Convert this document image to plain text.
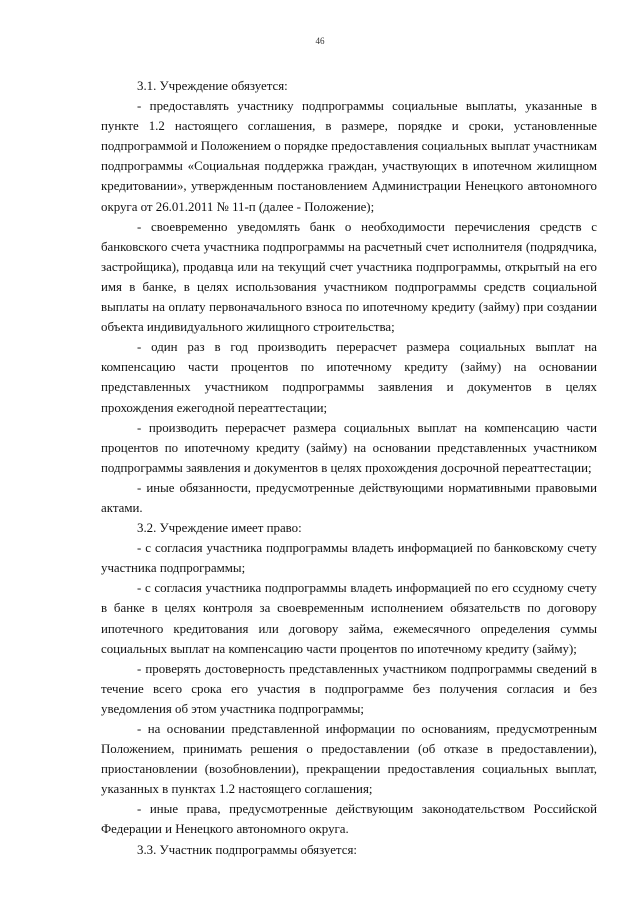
46

3.1. Учреждение обязуется:

- предоставлять участнику подпрограммы социальные выплаты, указанные в пункте 1.2 настоящего соглашения, в размере, порядке и сроки, установленные подпрограммой и Положением о порядке предоставления социальных выплат участникам подпрограммы «Социальная поддержка граждан, участвующих в ипотечном жилищном кредитовании», утвержденным постановлением Администрации Ненецкого автономного округа от 26.01.2011 № 11-п (далее - Положение);

- своевременно уведомлять банк о необходимости перечисления средств с банковского счета участника подпрограммы на расчетный счет исполнителя (подрядчика, застройщика), продавца или на текущий счет участника подпрограммы, открытый на его имя в банке, в целях использования участником подпрограммы средств социальной выплаты на оплату первоначального взноса по ипотечному кредиту (займу) при создании объекта индивидуального жилищного строительства;

- один раз в год производить перерасчет размера социальных выплат на компенсацию части процентов по ипотечному кредиту (займу) на основании представленных участником подпрограммы заявления и документов в целях прохождения ежегодной переаттестации;

- производить перерасчет размера социальных выплат на компенсацию части процентов по ипотечному кредиту (займу) на основании представленных участником подпрограммы заявления и документов в целях прохождения досрочной переаттестации;

- иные обязанности, предусмотренные действующими нормативными правовыми актами.

3.2. Учреждение имеет право:

- с согласия участника подпрограммы владеть информацией по банковскому счету участника подпрограммы;

- с согласия участника подпрограммы владеть информацией по его ссудному счету в банке в целях контроля за своевременным исполнением обязательств по договору ипотечного кредитования или договору займа, ежемесячного определения суммы социальных выплат на компенсацию части процентов по ипотечному кредиту (займу);

- проверять достоверность представленных участником подпрограммы сведений в течение всего срока его участия в подпрограмме без получения согласия и без уведомления об этом участника подпрограммы;

- на основании представленной информации по основаниям, предусмотренным Положением, принимать решения о предоставлении (об отказе в предоставлении), приостановлении (возобновлении), прекращении предоставления социальных выплат, указанных в пунктах 1.2 настоящего соглашения;

- иные права, предусмотренные действующим законодательством Российской Федерации и Ненецкого автономного округа.

3.3. Участник подпрограммы обязуется:
